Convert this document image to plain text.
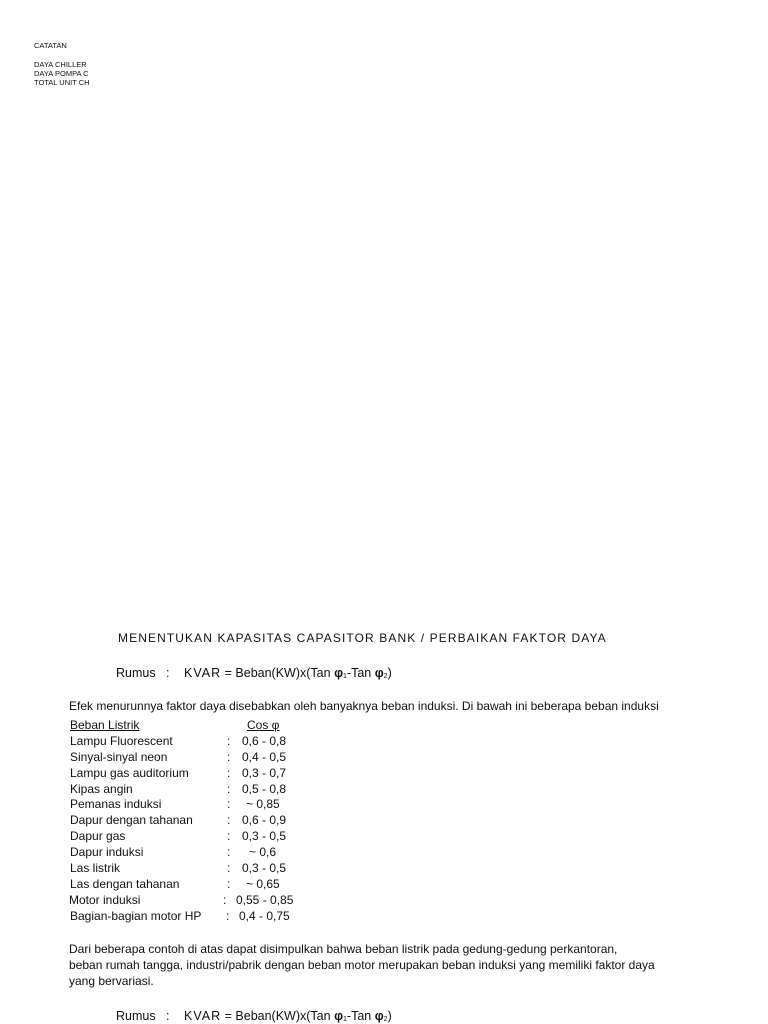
CATATAN
DAYA CHILLER
DAYA POMPA C
TOTAL UNIT CH
MENENTUKAN KAPASITAS CAPASITOR BANK / PERBAIKAN FAKTOR DAYA
Rumus : KVAR = Beban(KW)x(Tan $\varphi_1$-Tan $\varphi_2$)
Efek menurunnya faktor daya disebabkan oleh banyaknya beban induksi. Di bawah ini beberapa beban induksi
Beban Listrik	Cos φ
Lampu Fluorescent	: 0,6 - 0,8
Sinyal-sinyal neon	: 0,4 - 0,5
Lampu gas auditorium	: 0,3 - 0,7
Kipas angin	: 0,5 - 0,8
Pemanas induksi	: ~ 0,85
Dapur dengan tahanan	: 0,6 - 0,9
Dapur gas	: 0,3 - 0,5
Dapur induksi	: ~ 0,6
Las listrik	: 0,3 - 0,5
Las dengan tahanan	: ~ 0,65
Motor induksi	: 0,55 - 0,85
Bagian-bagian motor HP : 0,4 - 0,75
Dari beberapa contoh di atas dapat disimpulkan bahwa beban listrik pada gedung-gedung perkantoran,
beban rumah tangga, industri/pabrik dengan beban motor merupakan beban induksi yang memiliki faktor daya
yang bervariasi.
Rumus : KVAR = Beban(KW)x(Tan $\varphi_1$-Tan $\varphi_2$)
